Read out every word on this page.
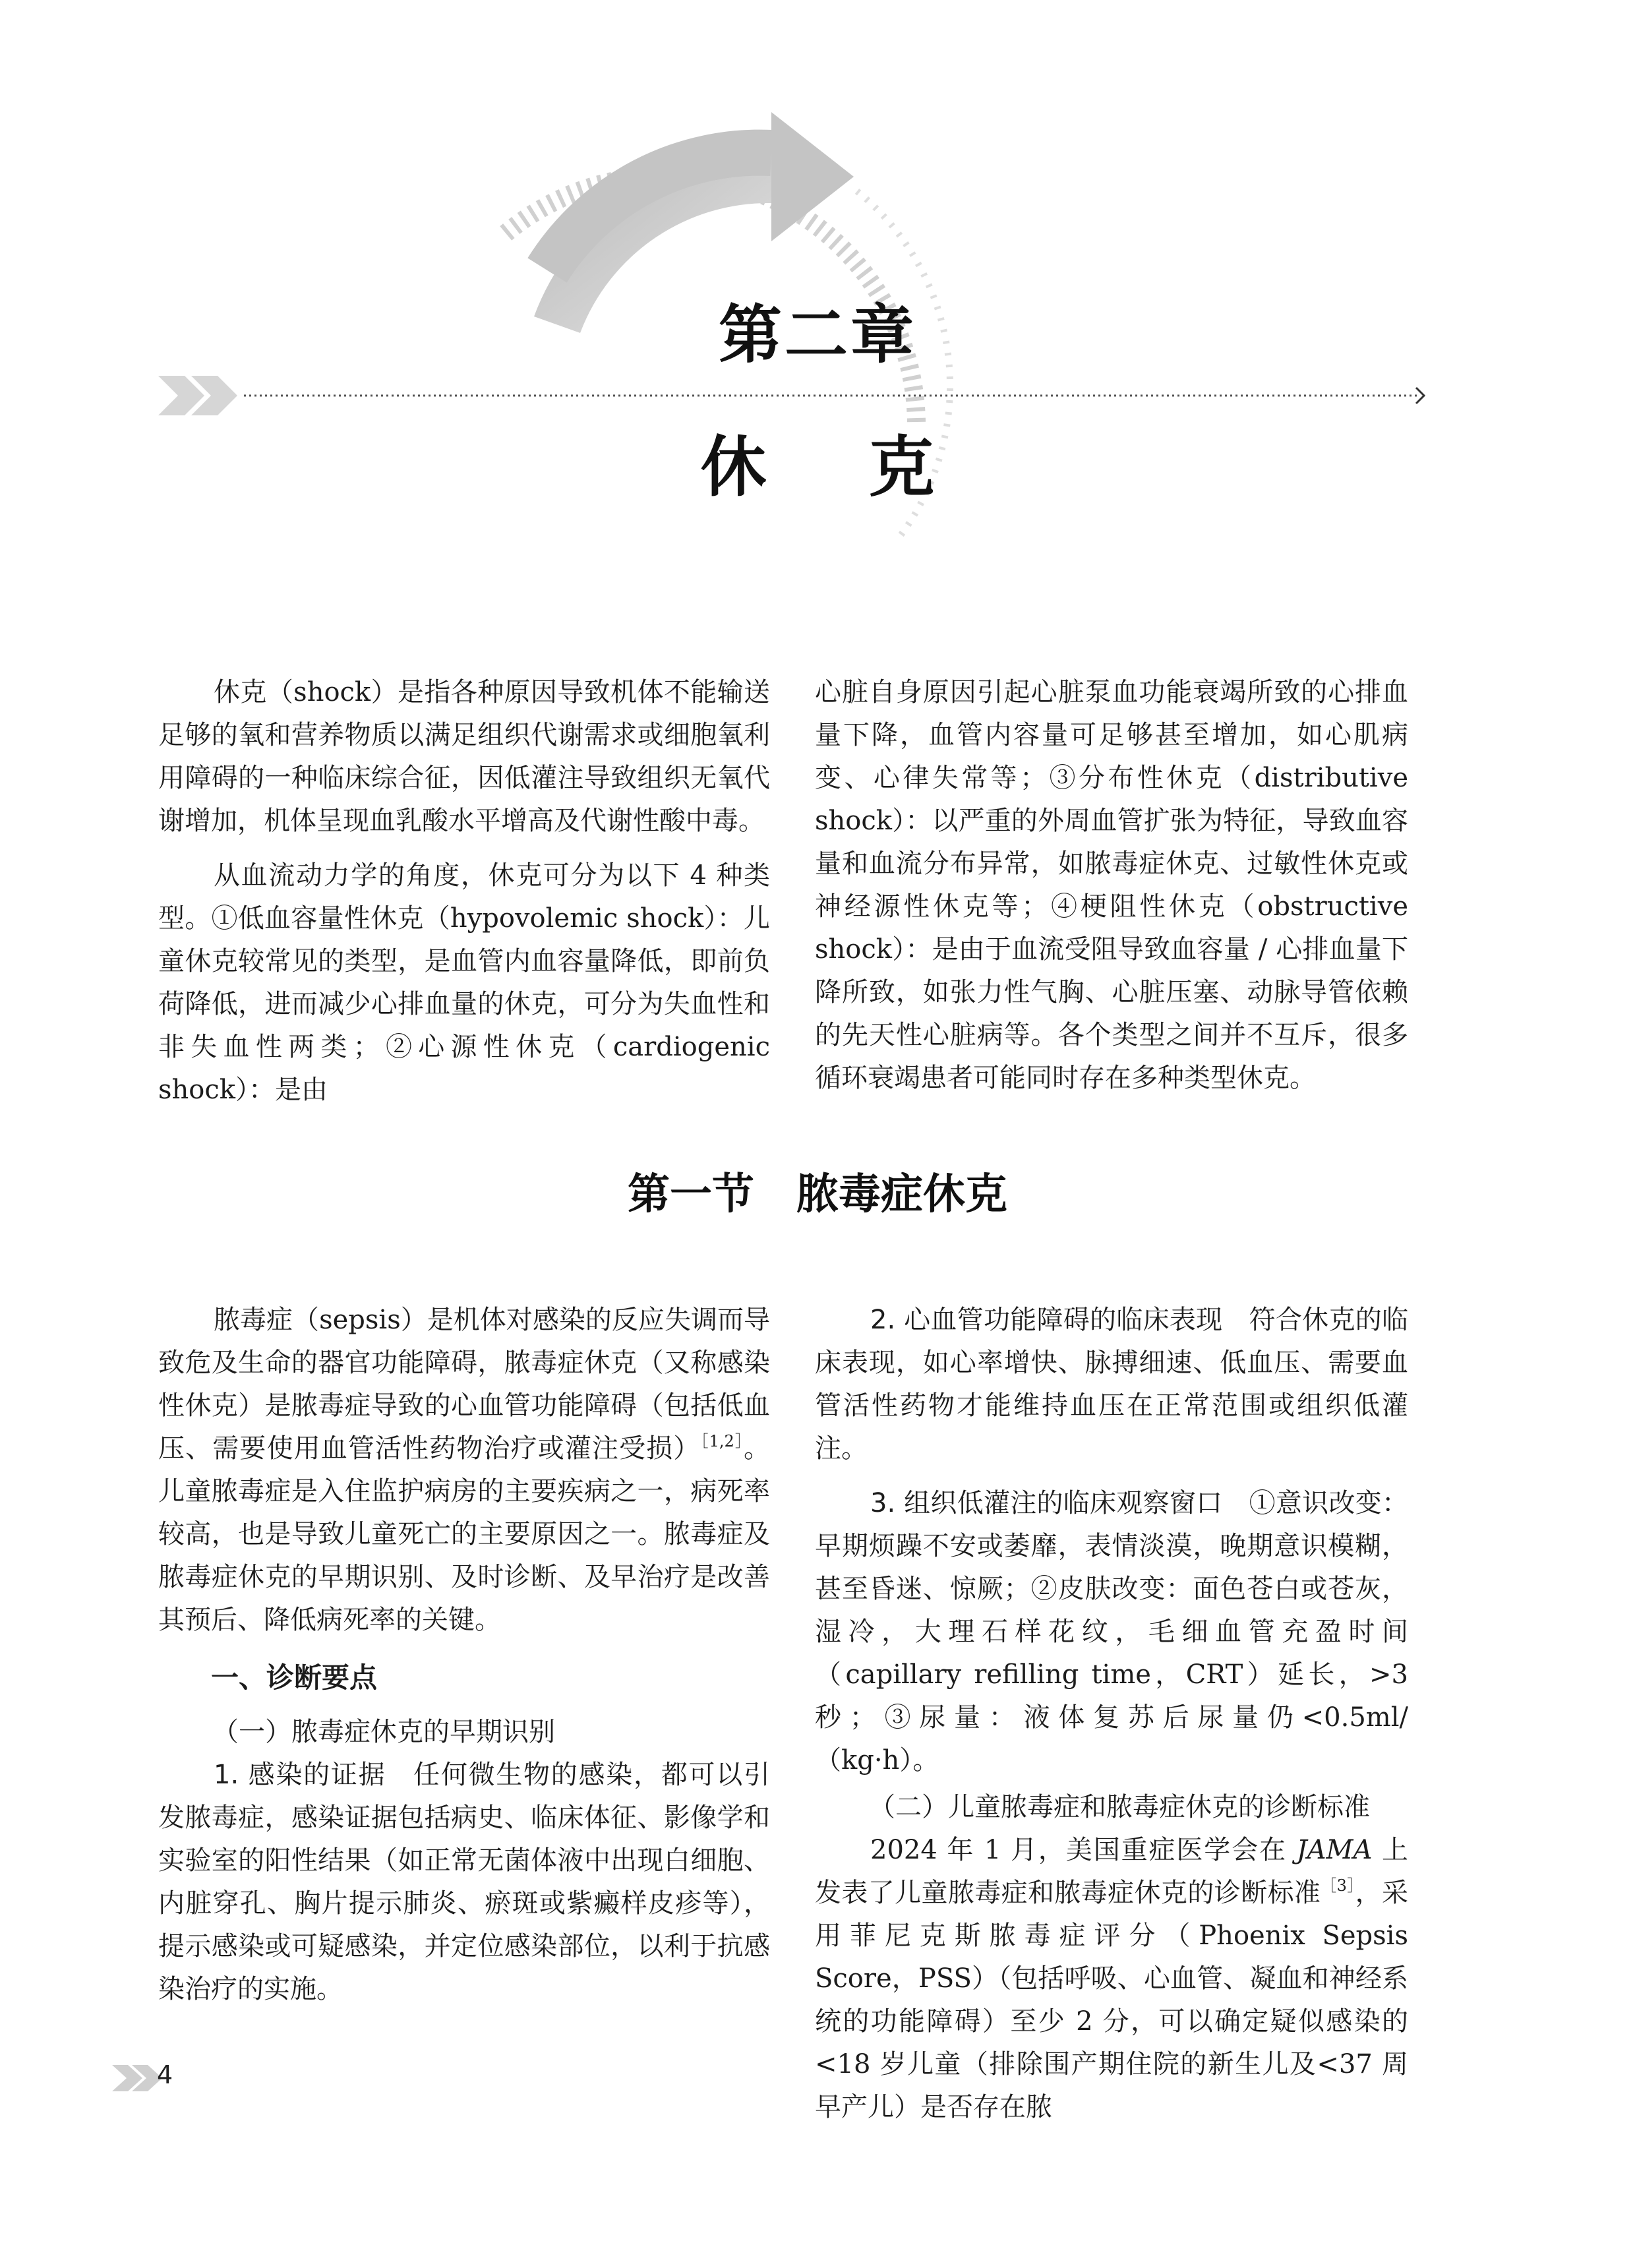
第二章
休 克

休克（shock）是指各种原因导致机体不能输送足够的氧和营养物质以满足组织代谢需求或细胞氧利用障碍的一种临床综合征，因低灌注导致组织无氧代谢增加，机体呈现血乳酸水平增高及代谢性酸中毒。

从血流动力学的角度，休克可分为以下 4 种类型。①低血容量性休克（hypovolemic shock）：儿童休克较常见的类型，是血管内血容量降低，即前负荷降低，进而减少心排血量的休克，可分为失血性和非失血性两类；②心源性休克（cardiogenic shock）：是由

心脏自身原因引起心脏泵血功能衰竭所致的心排血量下降，血管内容量可足够甚至增加，如心肌病变、心律失常等；③分布性休克（distributive shock）：以严重的外周血管扩张为特征，导致血容量和血流分布异常，如脓毒症休克、过敏性休克或神经源性休克等；④梗阻性休克（obstructive shock）：是由于血流受阻导致血容量 / 心排血量下降所致，如张力性气胸、心脏压塞、动脉导管依赖的先天性心脏病等。各个类型之间并不互斥，很多循环衰竭患者可能同时存在多种类型休克。

第一节　脓毒症休克

脓毒症（sepsis）是机体对感染的反应失调而导致危及生命的器官功能障碍，脓毒症休克（又称感染性休克）是脓毒症导致的心血管功能障碍（包括低血压、需要使用血管活性药物治疗或灌注受损）$^{[1,2]}$。儿童脓毒症是入住监护病房的主要疾病之一，病死率较高，也是导致儿童死亡的主要原因之一。脓毒症及脓毒症休克的早期识别、及时诊断、及早治疗是改善其预后、降低病死率的关键。

一、诊断要点
（一）脓毒症休克的早期识别

1. 感染的证据　任何微生物的感染，都可以引发脓毒症，感染证据包括病史、临床体征、影像学和实验室的阳性结果（如正常无菌体液中出现白细胞、内脏穿孔、胸片提示肺炎、瘀斑或紫癜样皮疹等），提示感染或可疑感染，并定位感染部位，以利于抗感染治疗的实施。

2. 心血管功能障碍的临床表现　符合休克的临床表现，如心率增快、脉搏细速、低血压、需要血管活性药物才能维持血压在正常范围或组织低灌注。

3. 组织低灌注的临床观察窗口　①意识改变：早期烦躁不安或萎靡，表情淡漠，晚期意识模糊，甚至昏迷、惊厥；②皮肤改变：面色苍白或苍灰，湿冷，大理石样花纹，毛细血管充盈时间（capillary refilling time，CRT）延长，>3 秒；③尿量：液体复苏后尿量仍<0.5ml/（kg·h）。

（二）儿童脓毒症和脓毒症休克的诊断标准

2024 年 1 月，美国重症医学会在 JAMA 上发表了儿童脓毒症和脓毒症休克的诊断标准$^{[3]}$，采用菲尼克斯脓毒症评分（Phoenix Sepsis Score，PSS）（包括呼吸、心血管、凝血和神经系统的功能障碍）至少 2 分，可以确定疑似感染的<18 岁儿童（排除围产期住院的新生儿及<37 周早产儿）是否存在脓

4
